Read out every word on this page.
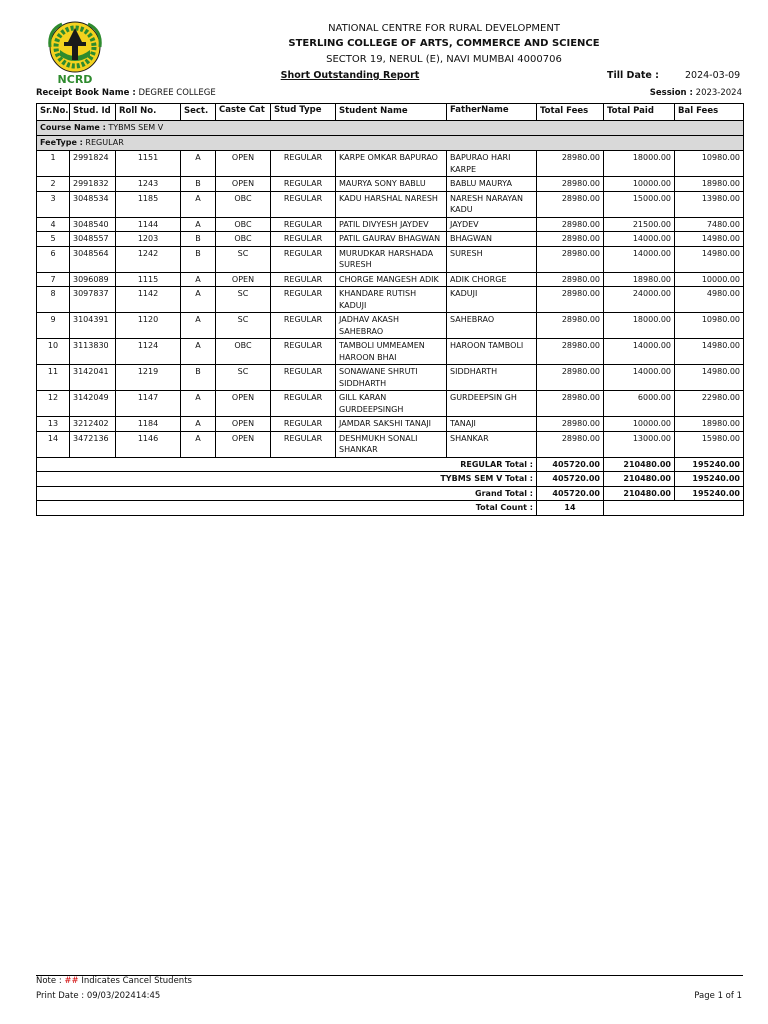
NCRD
NATIONAL CENTRE FOR RURAL DEVELOPMENT
STERLING COLLEGE OF ARTS, COMMERCE AND SCIENCE
SECTOR 19, NERUL (E), NAVI MUMBAI 4000706
Short Outstanding Report	Till Date :	2024-03-09
Receipt Book Name : DEGREE COLLEGE	Session : 2023-2024
Sr.No.	Stud. Id	Roll No.	Sect.	Caste Cat	Stud Type	Student Name	FatherName	Total Fees	Total Paid	Bal Fees
Course Name : TYBMS SEM V										
FeeType : REGULAR										
1	2991824	1151	A	OPEN	REGULAR	KARPE OMKAR BAPURAO	BAPURAO HARI KARPE	28980.00	18000.00	10980.00
2	2991832	1243	B	OPEN	REGULAR	MAURYA SONY BABLU	BABLU MAURYA	28980.00	10000.00	18980.00
3	3048534	1185	A	OBC	REGULAR	KADU HARSHAL NARESH	NARESH NARAYAN KADU	28980.00	15000.00	13980.00
4	3048540	1144	A	OBC	REGULAR	PATIL DIVYESH JAYDEV	JAYDEV	28980.00	21500.00	7480.00
5	3048557	1203	B	OBC	REGULAR	PATIL GAURAV BHAGWAN	BHAGWAN	28980.00	14000.00	14980.00
6	3048564	1242	B	SC	REGULAR	MURUDKAR HARSHADA SURESH	SURESH	28980.00	14000.00	14980.00
7	3096089	1115	A	OPEN	REGULAR	CHORGE MANGESH ADIK	ADIK CHORGE	28980.00	18980.00	10000.00
8	3097837	1142	A	SC	REGULAR	KHANDARE RUTISH KADUJI	KADUJI	28980.00	24000.00	4980.00
9	3104391	1120	A	SC	REGULAR	JADHAV AKASH SAHEBRAO	SAHEBRAO	28980.00	18000.00	10980.00
10	3113830	1124	A	OBC	REGULAR	TAMBOLI UMMEAMEN HAROON BHAI	HAROON TAMBOLI	28980.00	14000.00	14980.00
11	3142041	1219	B	SC	REGULAR	SONAWANE SHRUTI SIDDHARTH	SIDDHARTH	28980.00	14000.00	14980.00
12	3142049	1147	A	OPEN	REGULAR	GILL KARAN GURDEEPSINGH	GURDEEPSIN GH	28980.00	6000.00	22980.00
13	3212402	1184	A	OPEN	REGULAR	JAMDAR SAKSHI TANAJI	TANAJI	28980.00	10000.00	18980.00
14	3472136	1146	A	OPEN	REGULAR	DESHMUKH SONALI SHANKAR	SHANKAR	28980.00	13000.00	15980.00
REGULAR Total :								405720.00	210480.00	195240.00
TYBMS SEM V Total :								405720.00	210480.00	195240.00
Grand Total :								405720.00	210480.00	195240.00
Total Count :								14		
Note : ## Indicates Cancel Students
Print Date : 09/03/202414:45	Page 1 of 1
